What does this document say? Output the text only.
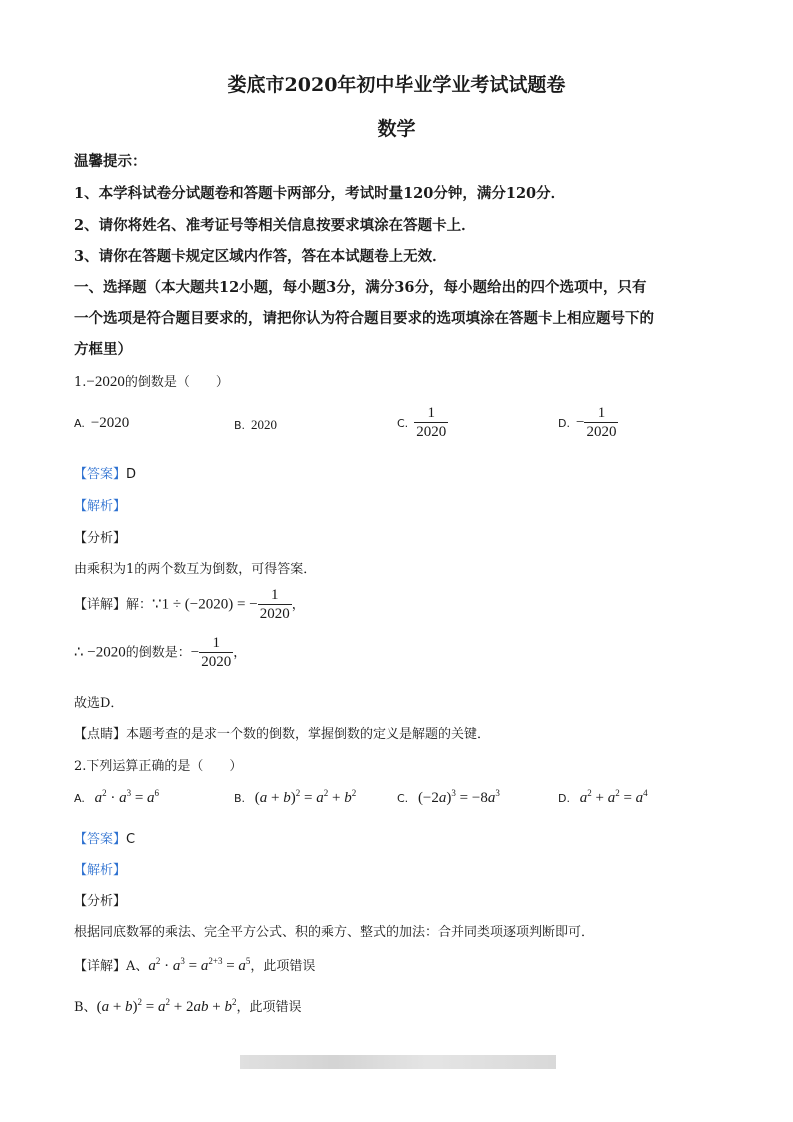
娄底市2020年初中毕业学业考试试题卷
数学
温馨提示：
1、本学科试卷分试题卷和答题卡两部分，考试时量120分钟，满分120分．
2、请你将姓名、准考证号等相关信息按要求填涂在答题卡上．
3、请你在答题卡规定区域内作答，答在本试题卷上无效．
一、选择题（本大题共12小题，每小题3分，满分36分，每小题给出的四个选项中，只有
一个选项是符合题目要求的，请把你认为符合题目要求的选项填涂在答题卡上相应题号下的
方框里）
1.−2020的倒数是（　　）
A. −2020	B. 2020	C. $\frac{1}{2020}$	D. − $\frac{1}{2020}$
【答案】D
【解析】
【分析】
由乘积为1的两个数互为倒数，可得答案．
【详解】解：∵1 ÷ (−2020) = − $\frac{1}{2020}$ ，
∴ −2020的倒数是：− $\frac{1}{2020}$ ，
故选D．
【点睛】本题考查的是求一个数的倒数，掌握倒数的定义是解题的关键．
2.下列运算正确的是（　　）
A. $a^2 \cdot a^3 = a^6$	B. $(a + b)^2 = a^2 + b^2$	C. $(-2a)^3 = -8a^3$	D. $a^2 + a^2 = a^4$
【答案】C
【解析】
【分析】
根据同底数幂的乘法、完全平方公式、积的乘方、整式的加法：合并同类项逐项判断即可．
【详解】A、$a^2 \cdot a^3 = a^{2+3} = a^5$，此项错误
B、$(a + b)^2 = a^2 + 2ab + b^2$，此项错误
